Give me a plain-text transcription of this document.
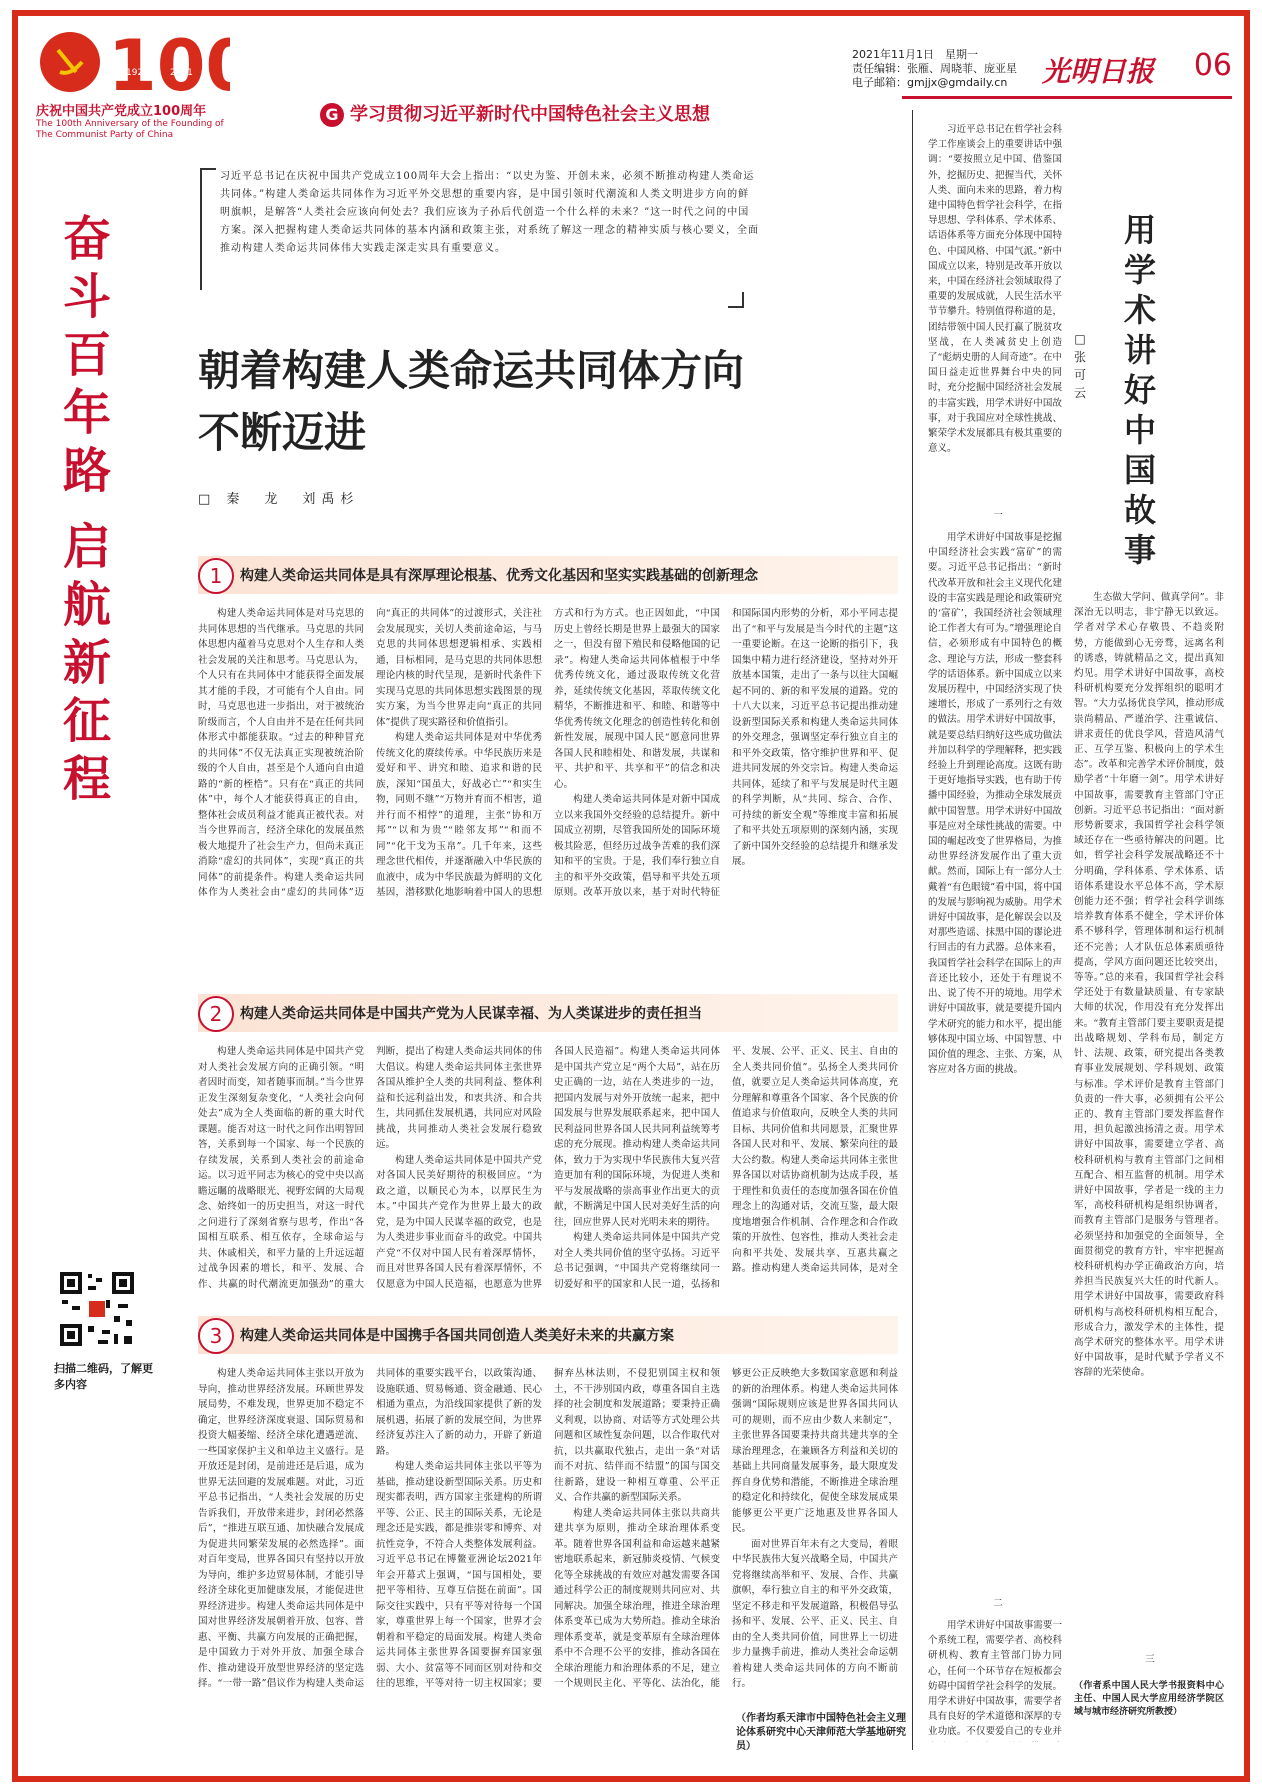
100
1921 2021
庆祝中国共产党成立100周年
The 100th Anniversary of the Founding of
The Communist Party of China
奋
斗
百
年
路
启
航
新
征
程
2021年11月1日　星期一
责任编辑：张雁、周晓菲、庞亚星
电子邮箱：gmjjx@gmdaily.cn	光明日报 06
G 学习贯彻习近平新时代中国特色社会主义思想
习近平总书记在庆祝中国共产党成立100周年大会上指出：“以史为鉴、开创未来，必须不断推动构建人类命运共同体。”构建人类命运共同体作为习近平外交思想的重要内容，是中国引领时代潮流和人类文明进步方向的鲜明旗帜，是解答“人类社会应该向何处去？我们应该为子孙后代创造一个什么样的未来？”这一时代之问的中国方案。深入把握构建人类命运共同体的基本内涵和政策主张，对系统了解这一理念的精神实质与核心要义，全面推动构建人类命运共同体伟大实践走深走实具有重要意义。
朝着构建人类命运共同体方向
不断迈进
□ 秦　龙　刘禹杉
1	构建人类命运共同体是具有深厚理论根基、优秀文化基因和坚实实践基础的创新理念

构建人类命运共同体是对马克思的共同体思想的当代继承。马克思的共同体思想内蕴着马克思对个人生存和人类社会发展的关注和思考。马克思认为，个人只有在共同体中才能获得全面发展其才能的手段，才可能有个人自由。同时，马克思也进一步指出，对于被统治阶级而言，个人自由并不是在任何共同体形式中都能获取。“过去的种种冒充的共同体”不仅无法真正实现被统治阶级的个人自由，甚至是个人通向自由道路的“新的桎梏”。只有在“真正的共同体”中，每个人才能获得真正的自由，整体社会成员利益才能真正被代表。对当今世界而言，经济全球化的发展虽然极大地提升了社会生产力，但尚未真正消除“虚幻的共同体”，实现“真正的共同体”的前提条件。构建人类命运共同体作为人类社会由“虚幻的共同体”迈向“真正的共同体”的过渡形式，关注社会发展现实，关切人类前途命运，与马克思的共同体思想逻辑相承、实践相通，目标相同，是马克思的共同体思想理论内核的时代呈现，是新时代条件下实现马克思的共同体思想实践图景的现实方案，为当今世界走向“真正的共同体”提供了现实路径和价值指引。

构建人类命运共同体是对中华优秀传统文化的赓续传承。中华民族历来是爱好和平、讲究和睦、追求和谐的民族，深知“国虽大，好战必亡”“和实生物，同则不继”“万物并育而不相害，道并行而不相悖”的道理，主张“协和万邦”“以和为贵”“睦邻友邦”“和而不同”“化干戈为玉帛”。几千年来，这些理念世代相传，并逐渐融入中华民族的血液中，成为中华民族最为鲜明的文化基因，潜移默化地影响着中国人的思想方式和行为方式。也正因如此，“中国历史上曾经长期是世界上最强大的国家之一，但没有留下殖民和侵略他国的记录”。构建人类命运共同体植根于中华优秀传统文化，通过汲取传统文化营养，延续传统文化基因，萃取传统文化精华，不断推进和平、和睦、和谐等中华优秀传统文化理念的创造性转化和创新性发展，展现中国人民“愿意同世界各国人民和睦相处、和谐发展，共谋和平、共护和平、共享和平”的信念和决心。

构建人类命运共同体是对新中国成立以来我国外交经验的总结提升。新中国成立初期，尽管我国所处的国际环境极其险恶，但经历过战争苦难的我们深知和平的宝贵。于是，我们奉行独立自主的和平外交政策，倡导和平共处五项原则。改革开放以来，基于对时代特征和国际国内形势的分析，邓小平同志提出了“和平与发展是当今时代的主题”这一重要论断。在这一论断的指引下，我国集中精力进行经济建设，坚持对外开放基本国策，走出了一条与以往大国崛起不同的、新的和平发展的道路。党的十八大以来，习近平总书记提出推动建设新型国际关系和构建人类命运共同体的外交理念，强调坚定奉行独立自主的和平外交政策，恪守维护世界和平、促进共同发展的外交宗旨。构建人类命运共同体，延续了和平与发展是时代主题的科学判断，从“共同、综合、合作、可持续的新安全观”等维度丰富和拓展了和平共处五项原则的深刻内涵，实现了新中国外交经验的总结提升和继承发展。

2	构建人类命运共同体是中国共产党为人民谋幸福、为人类谋进步的责任担当

构建人类命运共同体是中国共产党对人类社会发展方向的正确引领。“明者因时而变，知者随事而制。”当今世界正发生深刻复杂变化，“人类社会向何处去”成为全人类面临的新的重大时代课题。能否对这一时代之问作出明智回答，关系到每一个国家、每一个民族的存续发展，关系到人类社会的前途命运。以习近平同志为核心的党中央以高瞻远瞩的战略眼光、视野宏阔的大局观念、始终如一的历史担当，对这一时代之问进行了深刻省察与思考，作出“各国相互联系、相互依存，全球命运与共、休戚相关，和平力量的上升远远超过战争因素的增长，和平、发展、合作、共赢的时代潮流更加强劲”的重大判断，提出了构建人类命运共同体的伟大倡议。构建人类命运共同体主张世界各国从维护全人类的共同利益、整体利益和长远利益出发，和衷共济、和合共生，共同抓住发展机遇，共同应对风险挑战，共同推动人类社会发展行稳致远。

构建人类命运共同体是中国共产党对各国人民美好期待的积极回应。“为政之道，以顺民心为本，以厚民生为本。”中国共产党作为世界上最大的政党，是为中国人民谋幸福的政党，也是为人类进步事业而奋斗的政党。中国共产党“不仅对中国人民有着深厚情怀，而且对世界各国人民有着深厚情怀，不仅愿意为中国人民造福，也愿意为世界各国人民造福”。构建人类命运共同体是中国共产党立足“两个大局”，站在历史正确的一边，站在人类进步的一边，把国内发展与对外开放统一起来，把中国发展与世界发展联系起来，把中国人民利益同世界各国人民共同利益统筹考虑的充分展现。推动构建人类命运共同体，致力于为实现中华民族伟大复兴营造更加有利的国际环境，为促进人类和平与发展战略的崇高事业作出更大的贡献，不断满足中国人民对美好生活的向往，回应世界人民对光明未来的期待。

构建人类命运共同体是中国共产党对全人类共同价值的坚守弘扬。习近平总书记强调，“中国共产党将继续同一切爱好和平的国家和人民一道，弘扬和平、发展、公平、正义、民主、自由的全人类共同价值”。弘扬全人类共同价值，就要立足人类命运共同体高度，充分理解和尊重各个国家、各个民族的价值追求与价值取向，反映全人类的共同目标、共同价值和共同愿景，汇聚世界各国人民对和平、发展、繁荣向往的最大公约数。构建人类命运共同体主张世界各国以对话协商机制为达成手段，基于理性和负责任的态度加强各国在价值理念上的沟通对话，交流互鉴，最大限度地增强合作机制、合作理念和合作政策的开放性、包容性，推动人类社会走向和平共处、发展共享、互惠共赢之路。推动构建人类命运共同体，是对全

3	构建人类命运共同体是中国携手各国共同创造人类美好未来的共赢方案

构建人类命运共同体主张以开放为导向，推动世界经济发展。环顾世界发展局势，不难发现，世界更加不稳定不确定，世界经济深度衰退、国际贸易和投资大幅萎缩、经济全球化遭遇逆流、一些国家保护主义和单边主义盛行。是开放还是封闭，是前进还是后退，成为世界无法回避的发展难题。对此，习近平总书记指出，“人类社会发展的历史告诉我们，开放带来进步，封闭必然落后”，“推进互联互通、加快融合发展成为促进共同繁荣发展的必然选择”。面对百年变局，世界各国只有坚持以开放为导向，维护多边贸易体制，才能引导经济全球化更加健康发展，才能促进世界经济进步。构建人类命运共同体是中国对世界经济发展朝着开放、包容、普惠、平衡、共赢方向发展的正确把握，是中国致力于对外开放、加强全球合作、推动建设开放型世界经济的坚定选择。“一带一路”倡议作为构建人类命运共同体的重要实践平台，以政策沟通、设施联通、贸易畅通、资金融通、民心相通为重点，为沿线国家提供了新的发展机遇，拓展了新的发展空间，为世界经济复苏注入了新的动力，开辟了新道路。

构建人类命运共同体主张以平等为基础，推动建设新型国际关系。历史和现实都表明，西方国家主张建构的所谓平等、公正、民主的国际关系，无论是理念还是实践，都是推崇零和博弈、对抗性竞争，不符合人类整体发展利益。习近平总书记在博鳌亚洲论坛2021年年会开幕式上强调，“国与国相处，要把平等相待、互尊互信挺在前面”。国际交往实践中，只有平等对待每一个国家，尊重世界上每一个国家，世界才会朝着和平稳定的局面发展。构建人类命运共同体主张世界各国要摒弃国家强弱、大小、贫富等不同而区别对待和交往的思维，平等对待一切主权国家；要摒弃丛林法则，不侵犯别国主权和领土，不干涉别国内政，尊重各国自主选择的社会制度和发展道路；要秉持正确义利观，以协商、对话等方式处理公共问题和区域性复杂问题，以合作取代对抗，以共赢取代独占，走出一条“对话而不对抗、结伴而不结盟”的国与国交往新路，建设一种相互尊重、公平正义、合作共赢的新型国际关系。

构建人类命运共同体主张以共商共建共享为原则，推动全球治理体系变革。随着世界各国利益和命运越来越紧密地联系起来，新冠肺炎疫情、气候变化等全球挑战的有效应对越发需要各国通过科学公正的制度规则共同应对、共同解决。加强全球治理，推进全球治理体系变革已成为大势所趋。推动全球治理体系变革，就是变革原有全球治理体系中不合理不公平的安排，推动各国在全球治理能力和治理体系的不足，建立一个规则民主化、平等化、法治化，能够更公正反映绝大多数国家意愿和利益的新的治理体系。构建人类命运共同体强调“国际规则应该是世界各国共同认可的规则，而不应由少数人来制定”，主张世界各国要秉持共商共建共享的全球治理理念，在兼顾各方利益和关切的基础上共同商量发展事务，最大限度发挥自身优势和潜能，不断推进全球治理的稳定化和持续化，促使全球发展成果能够更公平更广泛地惠及世界各国人民。

面对世界百年未有之大变局，着眼中华民族伟大复兴战略全局，中国共产党将继续高举和平、发展、合作、共赢旗帜，奉行独立自主的和平外交政策，坚定不移走和平发展道路，积极倡导弘扬和平、发展、公平、正义、民主、自由的全人类共同价值，同世界上一切进步力量携手前进，推动人类社会命运朝着构建人类命运共同体的方向不断前行。

（作者均系天津市中国特色社会主义理论体系研究中心天津师范大学基地研究员）
扫描二维码，了解更多内容
用
学
术
讲
好
中
国
故
事
□ 张可云

习近平总书记在哲学社会科学工作座谈会上的重要讲话中强调：“要按照立足中国、借鉴国外，挖掘历史、把握当代，关怀人类、面向未来的思路，着力构建中国特色哲学社会科学，在指导思想、学科体系、学术体系、话语体系等方面充分体现中国特色、中国风格、中国气派。”新中国成立以来，特别是改革开放以来，中国在经济社会领域取得了重要的发展成就，人民生活水平节节攀升。特别值得称道的是，团结带领中国人民打赢了脱贫攻坚战，在人类减贫史上创造了“彪炳史册的人间奇迹”。在中国日益走近世界舞台中央的同时，充分挖掘中国经济社会发展的丰富实践，用学术讲好中国故事，对于我国应对全球性挑战、繁荣学术发展都具有极其重要的意义。

一

用学术讲好中国故事是挖掘中国经济社会实践“富矿”的需要。习近平总书记指出：“新时代改革开放和社会主义现代化建设的丰富实践是理论和政策研究的‘富矿’，我国经济社会领域理论工作者大有可为。”增强理论自信，必须形成有中国特色的概念、理论与方法，形成一整套科学的话语体系。新中国成立以来发展历程中，中国经济实现了快速增长，形成了一系列行之有效的做法。用学术讲好中国故事，就是要总结归纳好这些成功做法并加以科学的学理解释，把实践经验上升到理论高度。这既有助于更好地指导实践，也有助于传播中国经验，为推动全球发展贡献中国智慧。用学术讲好中国故事是应对全球性挑战的需要。中国的崛起改变了世界格局，为推动世界经济发展作出了重大贡献。然而，国际上有一部分人士戴着“有色眼镜”看中国，将中国的发展与影响视为威胁。用学术讲好中国故事，是化解误会以及对那些造谣、抹黑中国的谬论进行回击的有力武器。总体来看，我国哲学社会科学在国际上的声音还比较小，还处于有理说不出、说了传不开的境地。用学术讲好中国故事，就是要提升国内学术研究的能力和水平，提出能够体现中国立场、中国智慧、中国价值的理念、主张、方案，从容应对各方面的挑战。

二

用学术讲好中国故事需要一个系统工程，需要学者、高校科研机构、教育主管部门协力同心，任何一个环节存在短板都会妨碍中国哲学社会科学的发展。用学术讲好中国故事，需要学者具有良好的学术道德和深厚的专业功底。不仅要爱自己的专业并

生态做大学问、做真学问”。非深治无以明志，非宁静无以致远。学者对学术心存敬畏、不趋炎附势，方能做到心无旁骛，远离名利的诱惑，铸就精品之文，提出真知灼见。用学术讲好中国故事，高校科研机构要充分发挥组织的聪明才智。“大力弘扬优良学风，推动形成崇尚精品、严谨治学、注重诚信、讲求责任的优良学风，营造风清气正、互学互鉴、积极向上的学术生态”。改革和完善学术评价制度，鼓励学者“十年磨一剑”。用学术讲好中国故事，需要教育主管部门守正创新。习近平总书记指出：“面对新形势新要求，我国哲学社会科学领域还存在一些亟待解决的问题。比如，哲学社会科学发展战略还不十分明确，学科体系、学术体系、话语体系建设水平总体不高，学术原创能力还不强；哲学社会科学训练培养教育体系不健全，学术评价体系不够科学，管理体制和运行机制还不完善；人才队伍总体素质亟待提高，学风方面问题还比较突出，等等。”总的来看，我国哲学社会科学还处于有数量缺质量、有专家缺大师的状况，作用没有充分发挥出来。“教育主管部门要主要职责是提出战略规划、学科布局，制定方针、法规、政策，研究提出各类教育事业发展规划、学科规划、政策与标准。学术评价是教育主管部门负责的一件大事，必须拥有公平公正的、教育主管部门要发挥监督作用，担负起激浊扬清之责。用学术讲好中国故事，需要建立学者、高校科研机构与教育主管部门之间相互配合、相互监督的机制。用学术讲好中国故事，学者是一线的主力军，高校科研机构是组织协调者，而教育主管部门是服务与管理者。必须坚持和加强党的全面领导，全面贯彻党的教育方针，牢牢把握高校科研机构办学正确政治方向，培养担当民族复兴大任的时代新人。用学术讲好中国故事，需要政府科研机构与高校科研机构相互配合，形成合力，激发学术的主体性，提高学术研究的整体水平。用学术讲好中国故事，是时代赋予学者义不容辞的光荣使命。

三
（作者系中国人民大学书报资料中心主任、中国人民大学应用经济学院区域与城市经济研究所教授）
